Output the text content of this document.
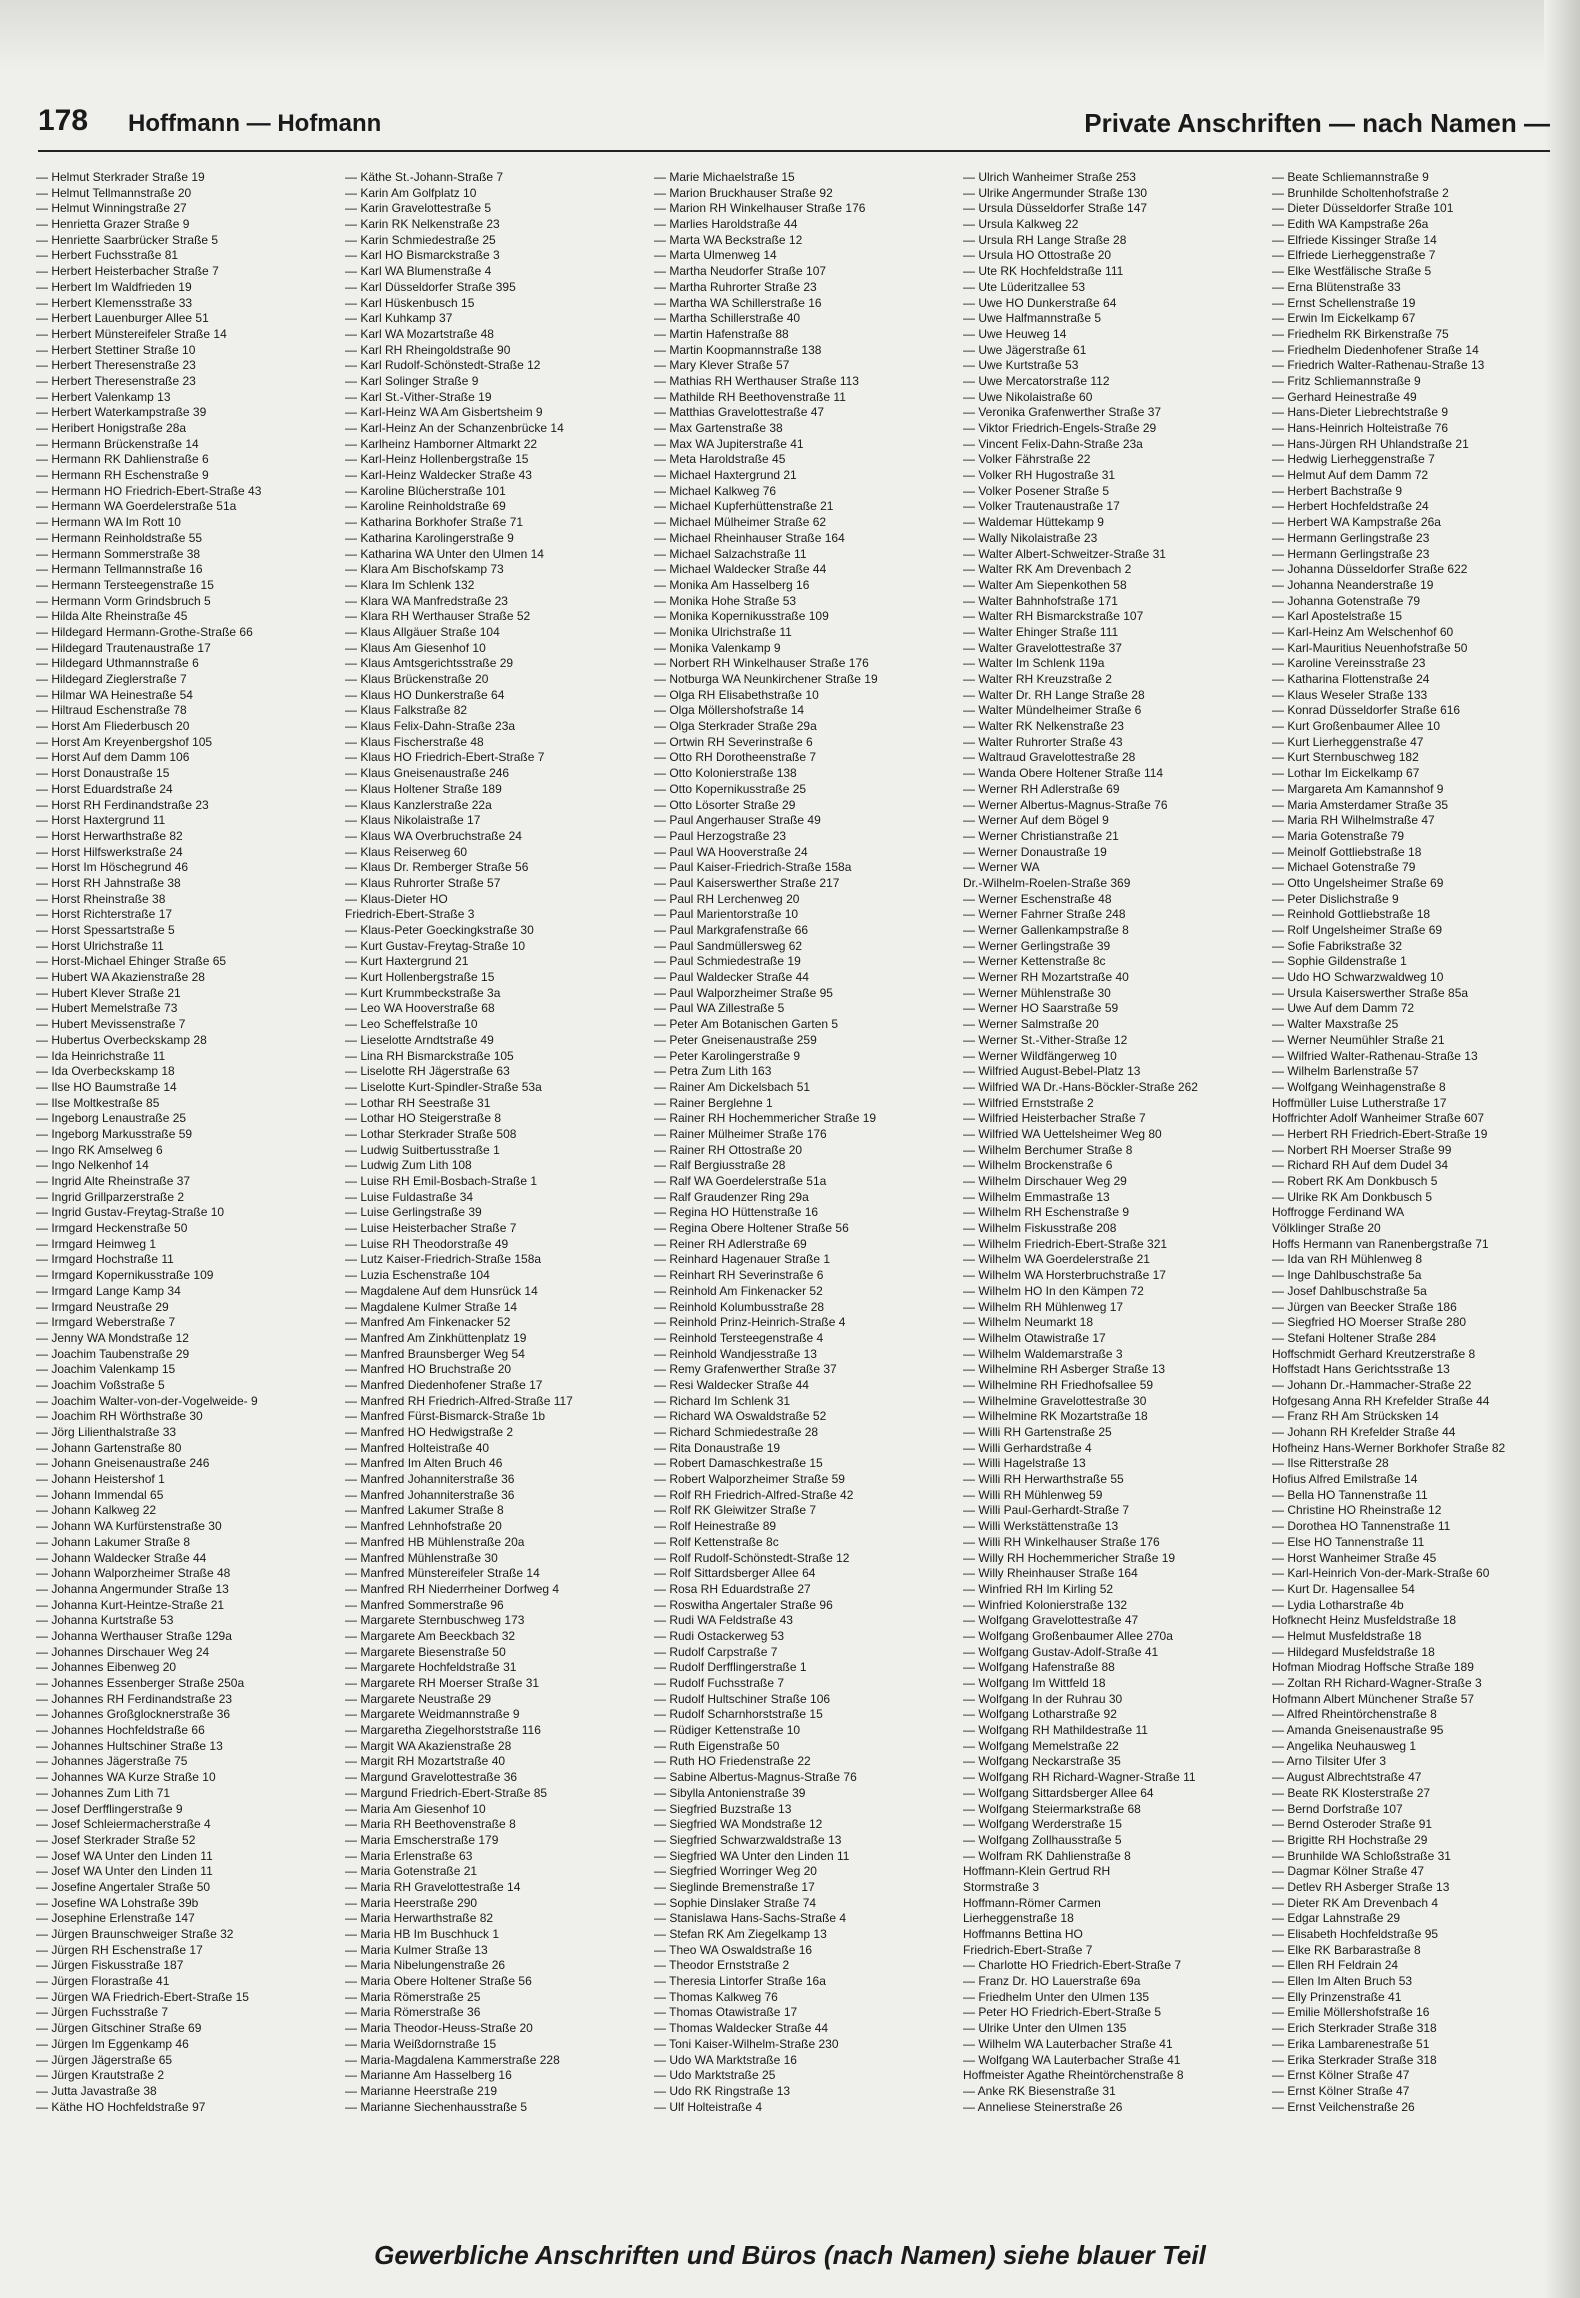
178 Hoffmann — Hofmann	Private Anschriften — nach Namen —
— Helmut Sterkrader Straße 19
— Helmut Tellmannstraße 20
— Helmut Winningstraße 27
— Henrietta Grazer Straße 9
— Henriette Saarbrücker Straße 5
— Herbert Fuchsstraße 81
— Herbert Heisterbacher Straße 7
— Herbert Im Waldfrieden 19
— Herbert Klemensstraße 33
— Herbert Lauenburger Allee 51
— Herbert Münstereifeler Straße 14
— Herbert Stettiner Straße 10
— Herbert Theresenstraße 23
— Herbert Theresenstraße 23
— Herbert Valenkamp 13
— Herbert Waterkampstraße 39
— Heribert Honigstraße 28a
— Hermann Brückenstraße 14
— Hermann RK Dahlienstraße 6
— Hermann RH Eschenstraße 9
— Hermann HO Friedrich-Ebert-Straße 43
— Hermann WA Goerdelerstraße 51a
— Hermann WA Im Rott 10
— Hermann Reinholdstraße 55
— Hermann Sommerstraße 38
— Hermann Tellmannstraße 16
— Hermann Tersteegenstraße 15
— Hermann Vorm Grindsbruch 5
— Hilda Alte Rheinstraße 45
— Hildegard Hermann-Grothe-Straße 66
— Hildegard Trautenaustraße 17
— Hildegard Uthmannstraße 6
— Hildegard Zieglerstraße 7
— Hilmar WA Heinestraße 54
— Hiltraud Eschenstraße 78
— Horst Am Fliederbusch 20
— Horst Am Kreyenbergshof 105
— Horst Auf dem Damm 106
— Horst Donaustraße 15
— Horst Eduardstraße 24
— Horst RH Ferdinandstraße 23
— Horst Haxtergrund 11
— Horst Herwarthstraße 82
— Horst Hilfswerkstraße 24
— Horst Im Höschegrund 46
— Horst RH Jahnstraße 38
— Horst Rheinstraße 38
— Horst Richterstraße 17
— Horst Spessartstraße 5
— Horst Ulrichstraße 11
— Horst-Michael Ehinger Straße 65
— Hubert WA Akazienstraße 28
— Hubert Klever Straße 21
— Hubert Memelstraße 73
— Hubert Mevissenstraße 7
— Hubertus Overbeckskamp 28
— Ida Heinrichstraße 11
— Ida Overbeckskamp 18
— Ilse HO Baumstraße 14
— Ilse Moltkestraße 85
— Ingeborg Lenaustraße 25
— Ingeborg Markusstraße 59
— Ingo RK Amselweg 6
— Ingo Nelkenhof 14
— Ingrid Alte Rheinstraße 37
— Ingrid Grillparzerstraße 2
— Ingrid Gustav-Freytag-Straße 10
— Irmgard Heckenstraße 50
— Irmgard Heimweg 1
— Irmgard Hochstraße 11
— Irmgard Kopernikusstraße 109
— Irmgard Lange Kamp 34
— Irmgard Neustraße 29
— Irmgard Weberstraße 7
— Jenny WA Mondstraße 12
— Joachim Taubenstraße 29
— Joachim Valenkamp 15
— Joachim Voßstraße 5
— Joachim Walter-von-der-Vogelweide- 9
— Joachim RH Wörthstraße 30
— Jörg Lilienthalstraße 33
— Johann Gartenstraße 80
— Johann Gneisenaustraße 246
— Johann Heistershof 1
— Johann Immendal 65
— Johann Kalkweg 22
— Johann WA Kurfürstenstraße 30
— Johann Lakumer Straße 8
— Johann Waldecker Straße 44
— Johann Walporzheimer Straße 48
— Johanna Angermunder Straße 13
— Johanna Kurt-Heintze-Straße 21
— Johanna Kurtstraße 53
— Johanna Werthauser Straße 129a
— Johannes Dirschauer Weg 24
— Johannes Eibenweg 20
— Johannes Essenberger Straße 250a
— Johannes RH Ferdinandstraße 23
— Johannes Großglocknerstraße 36
— Johannes Hochfeldstraße 66
— Johannes Hultschiner Straße 13
— Johannes Jägerstraße 75
— Johannes WA Kurze Straße 10
— Johannes Zum Lith 71
— Josef Derfflingerstraße 9
— Josef Schleiermacherstraße 4
— Josef Sterkrader Straße 52
— Josef WA Unter den Linden 11
— Josef WA Unter den Linden 11
— Josefine Angertaler Straße 50
— Josefine WA Lohstraße 39b
— Josephine Erlenstraße 147
— Jürgen Braunschweiger Straße 32
— Jürgen RH Eschenstraße 17
— Jürgen Fiskusstraße 187
— Jürgen Florastraße 41
— Jürgen WA Friedrich-Ebert-Straße 15
— Jürgen Fuchsstraße 7
— Jürgen Gitschiner Straße 69
— Jürgen Im Eggenkamp 46
— Jürgen Jägerstraße 65
— Jürgen Krautstraße 2
— Jutta Javastraße 38
— Käthe HO Hochfeldstraße 97
— Käthe St.-Johann-Straße 7
— Karin Am Golfplatz 10
— Karin Gravelottestraße 5
— Karin RK Nelkenstraße 23
— Karin Schmiedestraße 25
— Karl HO Bismarckstraße 3
— Karl WA Blumenstraße 4
— Karl Düsseldorfer Straße 395
— Karl Hüskenbusch 15
— Karl Kuhkamp 37
— Karl WA Mozartstraße 48
— Karl RH Rheingoldstraße 90
— Karl Rudolf-Schönstedt-Straße 12
— Karl Solinger Straße 9
— Karl St.-Vither-Straße 19
— Karl-Heinz WA Am Gisbertsheim 9
— Karl-Heinz An der Schanzenbrücke 14
— Karlheinz Hamborner Altmarkt 22
— Karl-Heinz Hollenbergstraße 15
— Karl-Heinz Waldecker Straße 43
— Karoline Blücherstraße 101
— Karoline Reinholdstraße 69
— Katharina Borkhofer Straße 71
— Katharina Karolingerstraße 9
— Katharina WA Unter den Ulmen 14
— Klara Am Bischofskamp 73
— Klara Im Schlenk 132
— Klara WA Manfredstraße 23
— Klara RH Werthauser Straße 52
— Klaus Allgäuer Straße 104
— Klaus Am Giesenhof 10
— Klaus Amtsgerichtsstraße 29
— Klaus Brückenstraße 20
— Klaus HO Dunkerstraße 64
— Klaus Falkstraße 82
— Klaus Felix-Dahn-Straße 23a
— Klaus Fischerstraße 48
— Klaus HO Friedrich-Ebert-Straße 7
— Klaus Gneisenaustraße 246
— Klaus Holtener Straße 189
— Klaus Kanzlerstraße 22a
— Klaus Nikolaistraße 17
— Klaus WA Overbruchstraße 24
— Klaus Reiserweg 60
— Klaus Dr. Remberger Straße 56
— Klaus Ruhrorter Straße 57
— Klaus-Dieter HO
Friedrich-Ebert-Straße 3
— Klaus-Peter Goeckingkstraße 30
— Kurt Gustav-Freytag-Straße 10
— Kurt Haxtergrund 21
— Kurt Hollenbergstraße 15
— Kurt Krummbeckstraße 3a
— Leo WA Hooverstraße 68
— Leo Scheffelstraße 10
— Lieselotte Arndtstraße 49
— Lina RH Bismarckstraße 105
— Liselotte RH Jägerstraße 63
— Liselotte Kurt-Spindler-Straße 53a
— Lothar RH Seestraße 31
— Lothar HO Steigerstraße 8
— Lothar Sterkrader Straße 508
— Ludwig Suitbertusstraße 1
— Ludwig Zum Lith 108
— Luise RH Emil-Bosbach-Straße 1
— Luise Fuldastraße 34
— Luise Gerlingstraße 39
— Luise Heisterbacher Straße 7
— Luise RH Theodorstraße 49
— Lutz Kaiser-Friedrich-Straße 158a
— Luzia Eschenstraße 104
— Magdalene Auf dem Hunsrück 14
— Magdalene Kulmer Straße 14
— Manfred Am Finkenacker 52
— Manfred Am Zinkhüttenplatz 19
— Manfred Braunsberger Weg 54
— Manfred HO Bruchstraße 20
— Manfred Diedenhofener Straße 17
— Manfred RH Friedrich-Alfred-Straße 117
— Manfred Fürst-Bismarck-Straße 1b
— Manfred HO Hedwigstraße 2
— Manfred Holteistraße 40
— Manfred Im Alten Bruch 46
— Manfred Johanniterstraße 36
— Manfred Johanniterstraße 36
— Manfred Lakumer Straße 8
— Manfred Lehnhofstraße 20
— Manfred HB Mühlenstraße 20a
— Manfred Mühlenstraße 30
— Manfred Münstereifeler Straße 14
— Manfred RH Niederrheiner Dorfweg 4
— Manfred Sommerstraße 96
— Margarete Sternbuschweg 173
— Margarete Am Beeckbach 32
— Margarete Biesenstraße 50
— Margarete Hochfeldstraße 31
— Margarete RH Moerser Straße 31
— Margarete Neustraße 29
— Margarete Weidmannstraße 9
— Margaretha Ziegelhorststraße 116
— Margit WA Akazienstraße 28
— Margit RH Mozartstraße 40
— Margund Gravelottestraße 36
— Margund Friedrich-Ebert-Straße 85
— Maria Am Giesenhof 10
— Maria RH Beethovenstraße 8
— Maria Emscherstraße 179
— Maria Erlenstraße 63
— Maria Gotenstraße 21
— Maria RH Gravelottestraße 14
— Maria Heerstraße 290
— Maria Herwarthstraße 82
— Maria HB Im Buschhuck 1
— Maria Kulmer Straße 13
— Maria Nibelungenstraße 26
— Maria Obere Holtener Straße 56
— Maria Römerstraße 25
— Maria Römerstraße 36
— Maria Theodor-Heuss-Straße 20
— Maria Weißdornstraße 15
— Maria-Magdalena Kammerstraße 228
— Marianne Am Hasselberg 16
— Marianne Heerstraße 219
— Marianne Siechenhausstraße 5
— Marie Michaelstraße 15
— Marion Bruckhauser Straße 92
— Marion RH Winkelhauser Straße 176
— Marlies Haroldstraße 44
— Marta WA Beckstraße 12
— Marta Ulmenweg 14
— Martha Neudorfer Straße 107
— Martha Ruhrorter Straße 23
— Martha WA Schillerstraße 16
— Martha Schillerstraße 40
— Martin Hafenstraße 88
— Martin Koopmannstraße 138
— Mary Klever Straße 57
— Mathias RH Werthauser Straße 113
— Mathilde RH Beethovenstraße 11
— Matthias Gravelottestraße 47
— Max Gartenstraße 38
— Max WA Jupiterstraße 41
— Meta Haroldstraße 45
— Michael Haxtergrund 21
— Michael Kalkweg 76
— Michael Kupferhüttenstraße 21
— Michael Mülheimer Straße 62
— Michael Rheinhauser Straße 164
— Michael Salzachstraße 11
— Michael Waldecker Straße 44
— Monika Am Hasselberg 16
— Monika Hohe Straße 53
— Monika Kopernikusstraße 109
— Monika Ulrichstraße 11
— Monika Valenkamp 9
— Norbert RH Winkelhauser Straße 176
— Notburga WA Neunkirchener Straße 19
— Olga RH Elisabethstraße 10
— Olga Möllershofstraße 14
— Olga Sterkrader Straße 29a
— Ortwin RH Severinstraße 6
— Otto RH Dorotheenstraße 7
— Otto Kolonierstraße 138
— Otto Kopernikusstraße 25
— Otto Lösorter Straße 29
— Paul Angerhauser Straße 49
— Paul Herzogstraße 23
— Paul WA Hooverstraße 24
— Paul Kaiser-Friedrich-Straße 158a
— Paul Kaiserswerther Straße 217
— Paul RH Lerchenweg 20
— Paul Marientorstraße 10
— Paul Markgrafenstraße 66
— Paul Sandmüllersweg 62
— Paul Schmiedestraße 19
— Paul Waldecker Straße 44
— Paul Walporzheimer Straße 95
— Paul WA Zillestraße 5
— Peter Am Botanischen Garten 5
— Peter Gneisenaustraße 259
— Peter Karolingerstraße 9
— Petra Zum Lith 163
— Rainer Am Dickelsbach 51
— Rainer Berglehne 1
— Rainer RH Hochemmericher Straße 19
— Rainer Mülheimer Straße 176
— Rainer RH Ottostraße 20
— Ralf Bergiusstraße 28
— Ralf WA Goerdelerstraße 51a
— Ralf Graudenzer Ring 29a
— Regina HO Hüttenstraße 16
— Regina Obere Holtener Straße 56
— Reiner RH Adlerstraße 69
— Reinhard Hagenauer Straße 1
— Reinhart RH Severinstraße 6
— Reinhold Am Finkenacker 52
— Reinhold Kolumbusstraße 28
— Reinhold Prinz-Heinrich-Straße 4
— Reinhold Tersteegenstraße 4
— Reinhold Wandjesstraße 13
— Remy Grafenwerther Straße 37
— Resi Waldecker Straße 44
— Richard Im Schlenk 31
— Richard WA Oswaldstraße 52
— Richard Schmiedestraße 28
— Rita Donaustraße 19
— Robert Damaschkestraße 15
— Robert Walporzheimer Straße 59
— Rolf RH Friedrich-Alfred-Straße 42
— Rolf RK Gleiwitzer Straße 7
— Rolf Heinestraße 89
— Rolf Kettenstraße 8c
— Rolf Rudolf-Schönstedt-Straße 12
— Rolf Sittardsberger Allee 64
— Rosa RH Eduardstraße 27
— Roswitha Angertaler Straße 96
— Rudi WA Feldstraße 43
— Rudi Ostackerweg 53
— Rudolf Carpstraße 7
— Rudolf Derfflingerstraße 1
— Rudolf Fuchsstraße 7
— Rudolf Hultschiner Straße 106
— Rudolf Scharnhorststraße 15
— Rüdiger Kettenstraße 10
— Ruth Eigenstraße 50
— Ruth HO Friedenstraße 22
— Sabine Albertus-Magnus-Straße 76
— Sibylla Antonienstraße 39
— Siegfried Buzstraße 13
— Siegfried WA Mondstraße 12
— Siegfried Schwarzwaldstraße 13
— Siegfried WA Unter den Linden 11
— Siegfried Worringer Weg 20
— Sieglinde Bremenstraße 17
— Sophie Dinslaker Straße 74
— Stanislawa Hans-Sachs-Straße 4
— Stefan RK Am Ziegelkamp 13
— Theo WA Oswaldstraße 16
— Theodor Ernststraße 2
— Theresia Lintorfer Straße 16a
— Thomas Kalkweg 76
— Thomas Otawistraße 17
— Thomas Waldecker Straße 44
— Toni Kaiser-Wilhelm-Straße 230
— Udo WA Marktstraße 16
— Udo Marktstraße 25
— Udo RK Ringstraße 13
— Ulf Holteistraße 4
— Ulrich Wanheimer Straße 253
— Ulrike Angermunder Straße 130
— Ursula Düsseldorfer Straße 147
— Ursula Kalkweg 22
— Ursula RH Lange Straße 28
— Ursula HO Ottostraße 20
— Ute RK Hochfeldstraße 111
— Ute Lüderitzallee 53
— Uwe HO Dunkerstraße 64
— Uwe Halfmannstraße 5
— Uwe Heuweg 14
— Uwe Jägerstraße 61
— Uwe Kurtstraße 53
— Uwe Mercatorstraße 112
— Uwe Nikolaistraße 60
— Veronika Grafenwerther Straße 37
— Viktor Friedrich-Engels-Straße 29
— Vincent Felix-Dahn-Straße 23a
— Volker Fährstraße 22
— Volker RH Hugostraße 31
— Volker Posener Straße 5
— Volker Trautenaustraße 17
— Waldemar Hüttekamp 9
— Wally Nikolaistraße 23
— Walter Albert-Schweitzer-Straße 31
— Walter RK Am Drevenbach 2
— Walter Am Siepenkothen 58
— Walter Bahnhofstraße 171
— Walter RH Bismarckstraße 107
— Walter Ehinger Straße 111
— Walter Gravelottestraße 37
— Walter Im Schlenk 119a
— Walter RH Kreuzstraße 2
— Walter Dr. RH Lange Straße 28
— Walter Mündelheimer Straße 6
— Walter RK Nelkenstraße 23
— Walter Ruhrorter Straße 43
— Waltraud Gravelottestraße 28
— Wanda Obere Holtener Straße 114
— Werner RH Adlerstraße 69
— Werner Albertus-Magnus-Straße 76
— Werner Auf dem Bögel 9
— Werner Christianstraße 21
— Werner Donaustraße 19
— Werner WA
Dr.-Wilhelm-Roelen-Straße 369
— Werner Eschenstraße 48
— Werner Fahrner Straße 248
— Werner Gallenkampstraße 8
— Werner Gerlingstraße 39
— Werner Kettenstraße 8c
— Werner RH Mozartstraße 40
— Werner Mühlenstraße 30
— Werner HO Saarstraße 59
— Werner Salmstraße 20
— Werner St.-Vither-Straße 12
— Werner Wildfängerweg 10
— Wilfried August-Bebel-Platz 13
— Wilfried WA Dr.-Hans-Böckler-Straße 262
— Wilfried Ernststraße 2
— Wilfried Heisterbacher Straße 7
— Wilfried WA Uettelsheimer Weg 80
— Wilhelm Berchumer Straße 8
— Wilhelm Brockenstraße 6
— Wilhelm Dirschauer Weg 29
— Wilhelm Emmastraße 13
— Wilhelm RH Eschenstraße 9
— Wilhelm Fiskusstraße 208
— Wilhelm Friedrich-Ebert-Straße 321
— Wilhelm WA Goerdelerstraße 21
— Wilhelm WA Horsterbruchstraße 17
— Wilhelm HO In den Kämpen 72
— Wilhelm RH Mühlenweg 17
— Wilhelm Neumarkt 18
— Wilhelm Otawistraße 17
— Wilhelm Waldemarstraße 3
— Wilhelmine RH Asberger Straße 13
— Wilhelmine RH Friedhofsallee 59
— Wilhelmine Gravelottestraße 30
— Wilhelmine RK Mozartstraße 18
— Willi RH Gartenstraße 25
— Willi Gerhardstraße 4
— Willi Hagelstraße 13
— Willi RH Herwarthstraße 55
— Willi RH Mühlenweg 59
— Willi Paul-Gerhardt-Straße 7
— Willi Werkstättenstraße 13
— Willi RH Winkelhauser Straße 176
— Willy RH Hochemmericher Straße 19
— Willy Rheinhauser Straße 164
— Winfried RH Im Kirling 52
— Winfried Kolonierstraße 132
— Wolfgang Gravelottestraße 47
— Wolfgang Großenbaumer Allee 270a
— Wolfgang Gustav-Adolf-Straße 41
— Wolfgang Hafenstraße 88
— Wolfgang Im Wittfeld 18
— Wolfgang In der Ruhrau 30
— Wolfgang Lotharstraße 92
— Wolfgang RH Mathildestraße 11
— Wolfgang Memelstraße 22
— Wolfgang Neckarstraße 35
— Wolfgang RH Richard-Wagner-Straße 11
— Wolfgang Sittardsberger Allee 64
— Wolfgang Steiermarkstraße 68
— Wolfgang Werderstraße 15
— Wolfgang Zollhausstraße 5
— Wolfram RK Dahlienstraße 8
Hoffmann-Klein Gertrud RH
Stormstraße 3
Hoffmann-Römer Carmen
Lierheggenstraße 18
Hoffmanns Bettina HO
Friedrich-Ebert-Straße 7
— Charlotte HO Friedrich-Ebert-Straße 7
— Franz Dr. HO Lauerstraße 69a
— Friedhelm Unter den Ulmen 135
— Peter HO Friedrich-Ebert-Straße 5
— Ulrike Unter den Ulmen 135
— Wilhelm WA Lauterbacher Straße 41
— Wolfgang WA Lauterbacher Straße 41
Hoffmeister Agathe Rheintörchenstraße 8
— Anke RK Biesenstraße 31
— Anneliese Steinerstraße 26
— Beate Schliemannstraße 9
— Brunhilde Scholtenhofstraße 2
— Dieter Düsseldorfer Straße 101
— Edith WA Kampstraße 26a
— Elfriede Kissinger Straße 14
— Elfriede Lierheggenstraße 7
— Elke Westfälische Straße 5
— Erna Blütenstraße 33
— Ernst Schellenstraße 19
— Erwin Im Eickelkamp 67
— Friedhelm RK Birkenstraße 75
— Friedhelm Diedenhofener Straße 14
— Friedrich Walter-Rathenau-Straße 13
— Fritz Schliemannstraße 9
— Gerhard Heinestraße 49
— Hans-Dieter Liebrechtstraße 9
— Hans-Heinrich Holteistraße 76
— Hans-Jürgen RH Uhlandstraße 21
— Hedwig Lierheggenstraße 7
— Helmut Auf dem Damm 72
— Herbert Bachstraße 9
— Herbert Hochfeldstraße 24
— Herbert WA Kampstraße 26a
— Hermann Gerlingstraße 23
— Hermann Gerlingstraße 23
— Johanna Düsseldorfer Straße 622
— Johanna Neanderstraße 19
— Johanna Gotenstraße 79
— Karl Apostelstraße 15
— Karl-Heinz Am Welschenhof 60
— Karl-Mauritius Neuenhofstraße 50
— Karoline Vereinsstraße 23
— Katharina Flottenstraße 24
— Klaus Weseler Straße 133
— Konrad Düsseldorfer Straße 616
— Kurt Großenbaumer Allee 10
— Kurt Lierheggenstraße 47
— Kurt Sternbuschweg 182
— Lothar Im Eickelkamp 67
— Margareta Am Kamannshof 9
— Maria Amsterdamer Straße 35
— Maria RH Wilhelmstraße 47
— Maria Gotenstraße 79
— Meinolf Gottliebstraße 18
— Michael Gotenstraße 79
— Otto Ungelsheimer Straße 69
— Peter Dislichstraße 9
— Reinhold Gottliebstraße 18
— Rolf Ungelsheimer Straße 69
— Sofie Fabrikstraße 32
— Sophie Gildenstraße 1
— Udo HO Schwarzwaldweg 10
— Ursula Kaiserswerther Straße 85a
— Uwe Auf dem Damm 72
— Walter Maxstraße 25
— Werner Neumühler Straße 21
— Wilfried Walter-Rathenau-Straße 13
— Wilhelm Barlenstraße 57
— Wolfgang Weinhagenstraße 8
Hoffmüller Luise Lutherstraße 17
Hoffrichter Adolf Wanheimer Straße 607
— Herbert RH Friedrich-Ebert-Straße 19
— Norbert RH Moerser Straße 99
— Richard RH Auf dem Dudel 34
— Robert RK Am Donkbusch 5
— Ulrike RK Am Donkbusch 5
Hoffrogge Ferdinand WA
Völklinger Straße 20
Hoffs Hermann van Ranenbergstraße 71
— Ida van RH Mühlenweg 8
— Inge Dahlbuschstraße 5a
— Josef Dahlbuschstraße 5a
— Jürgen van Beecker Straße 186
— Siegfried HO Moerser Straße 280
— Stefani Holtener Straße 284
Hoffschmidt Gerhard Kreutzerstraße 8
Hoffstadt Hans Gerichtsstraße 13
— Johann Dr.-Hammacher-Straße 22
Hofgesang Anna RH Krefelder Straße 44
— Franz RH Am Strücksken 14
— Johann RH Krefelder Straße 44
Hofheinz Hans-Werner Borkhofer Straße 82
— Ilse Ritterstraße 28
Hofius Alfred Emilstraße 14
— Bella HO Tannenstraße 11
— Christine HO Rheinstraße 12
— Dorothea HO Tannenstraße 11
— Else HO Tannenstraße 11
— Horst Wanheimer Straße 45
— Karl-Heinrich Von-der-Mark-Straße 60
— Kurt Dr. Hagensallee 54
— Lydia Lotharstraße 4b
Hofknecht Heinz Musfeldstraße 18
— Helmut Musfeldstraße 18
— Hildegard Musfeldstraße 18
Hofman Miodrag Hoffsche Straße 189
— Zoltan RH Richard-Wagner-Straße 3
Hofmann Albert Münchener Straße 57
— Alfred Rheintörchenstraße 8
— Amanda Gneisenaustraße 95
— Angelika Neuhausweg 1
— Arno Tilsiter Ufer 3
— August Albrechtstraße 47
— Beate RK Klosterstraße 27
— Bernd Dorfstraße 107
— Bernd Osteroder Straße 91
— Brigitte RH Hochstraße 29
— Brunhilde WA Schloßstraße 31
— Dagmar Kölner Straße 47
— Detlev RH Asberger Straße 13
— Dieter RK Am Drevenbach 4
— Edgar Lahnstraße 29
— Elisabeth Hochfeldstraße 95
— Elke RK Barbarastraße 8
— Ellen RH Feldrain 24
— Ellen Im Alten Bruch 53
— Elly Prinzenstraße 41
— Emilie Möllershofstraße 16
— Erich Sterkrader Straße 318
— Erika Lambarenestraße 51
— Erika Sterkrader Straße 318
— Ernst Kölner Straße 47
— Ernst Kölner Straße 47
— Ernst Veilchenstraße 26
Gewerbliche Anschriften und Büros (nach Namen) siehe blauer Teil
